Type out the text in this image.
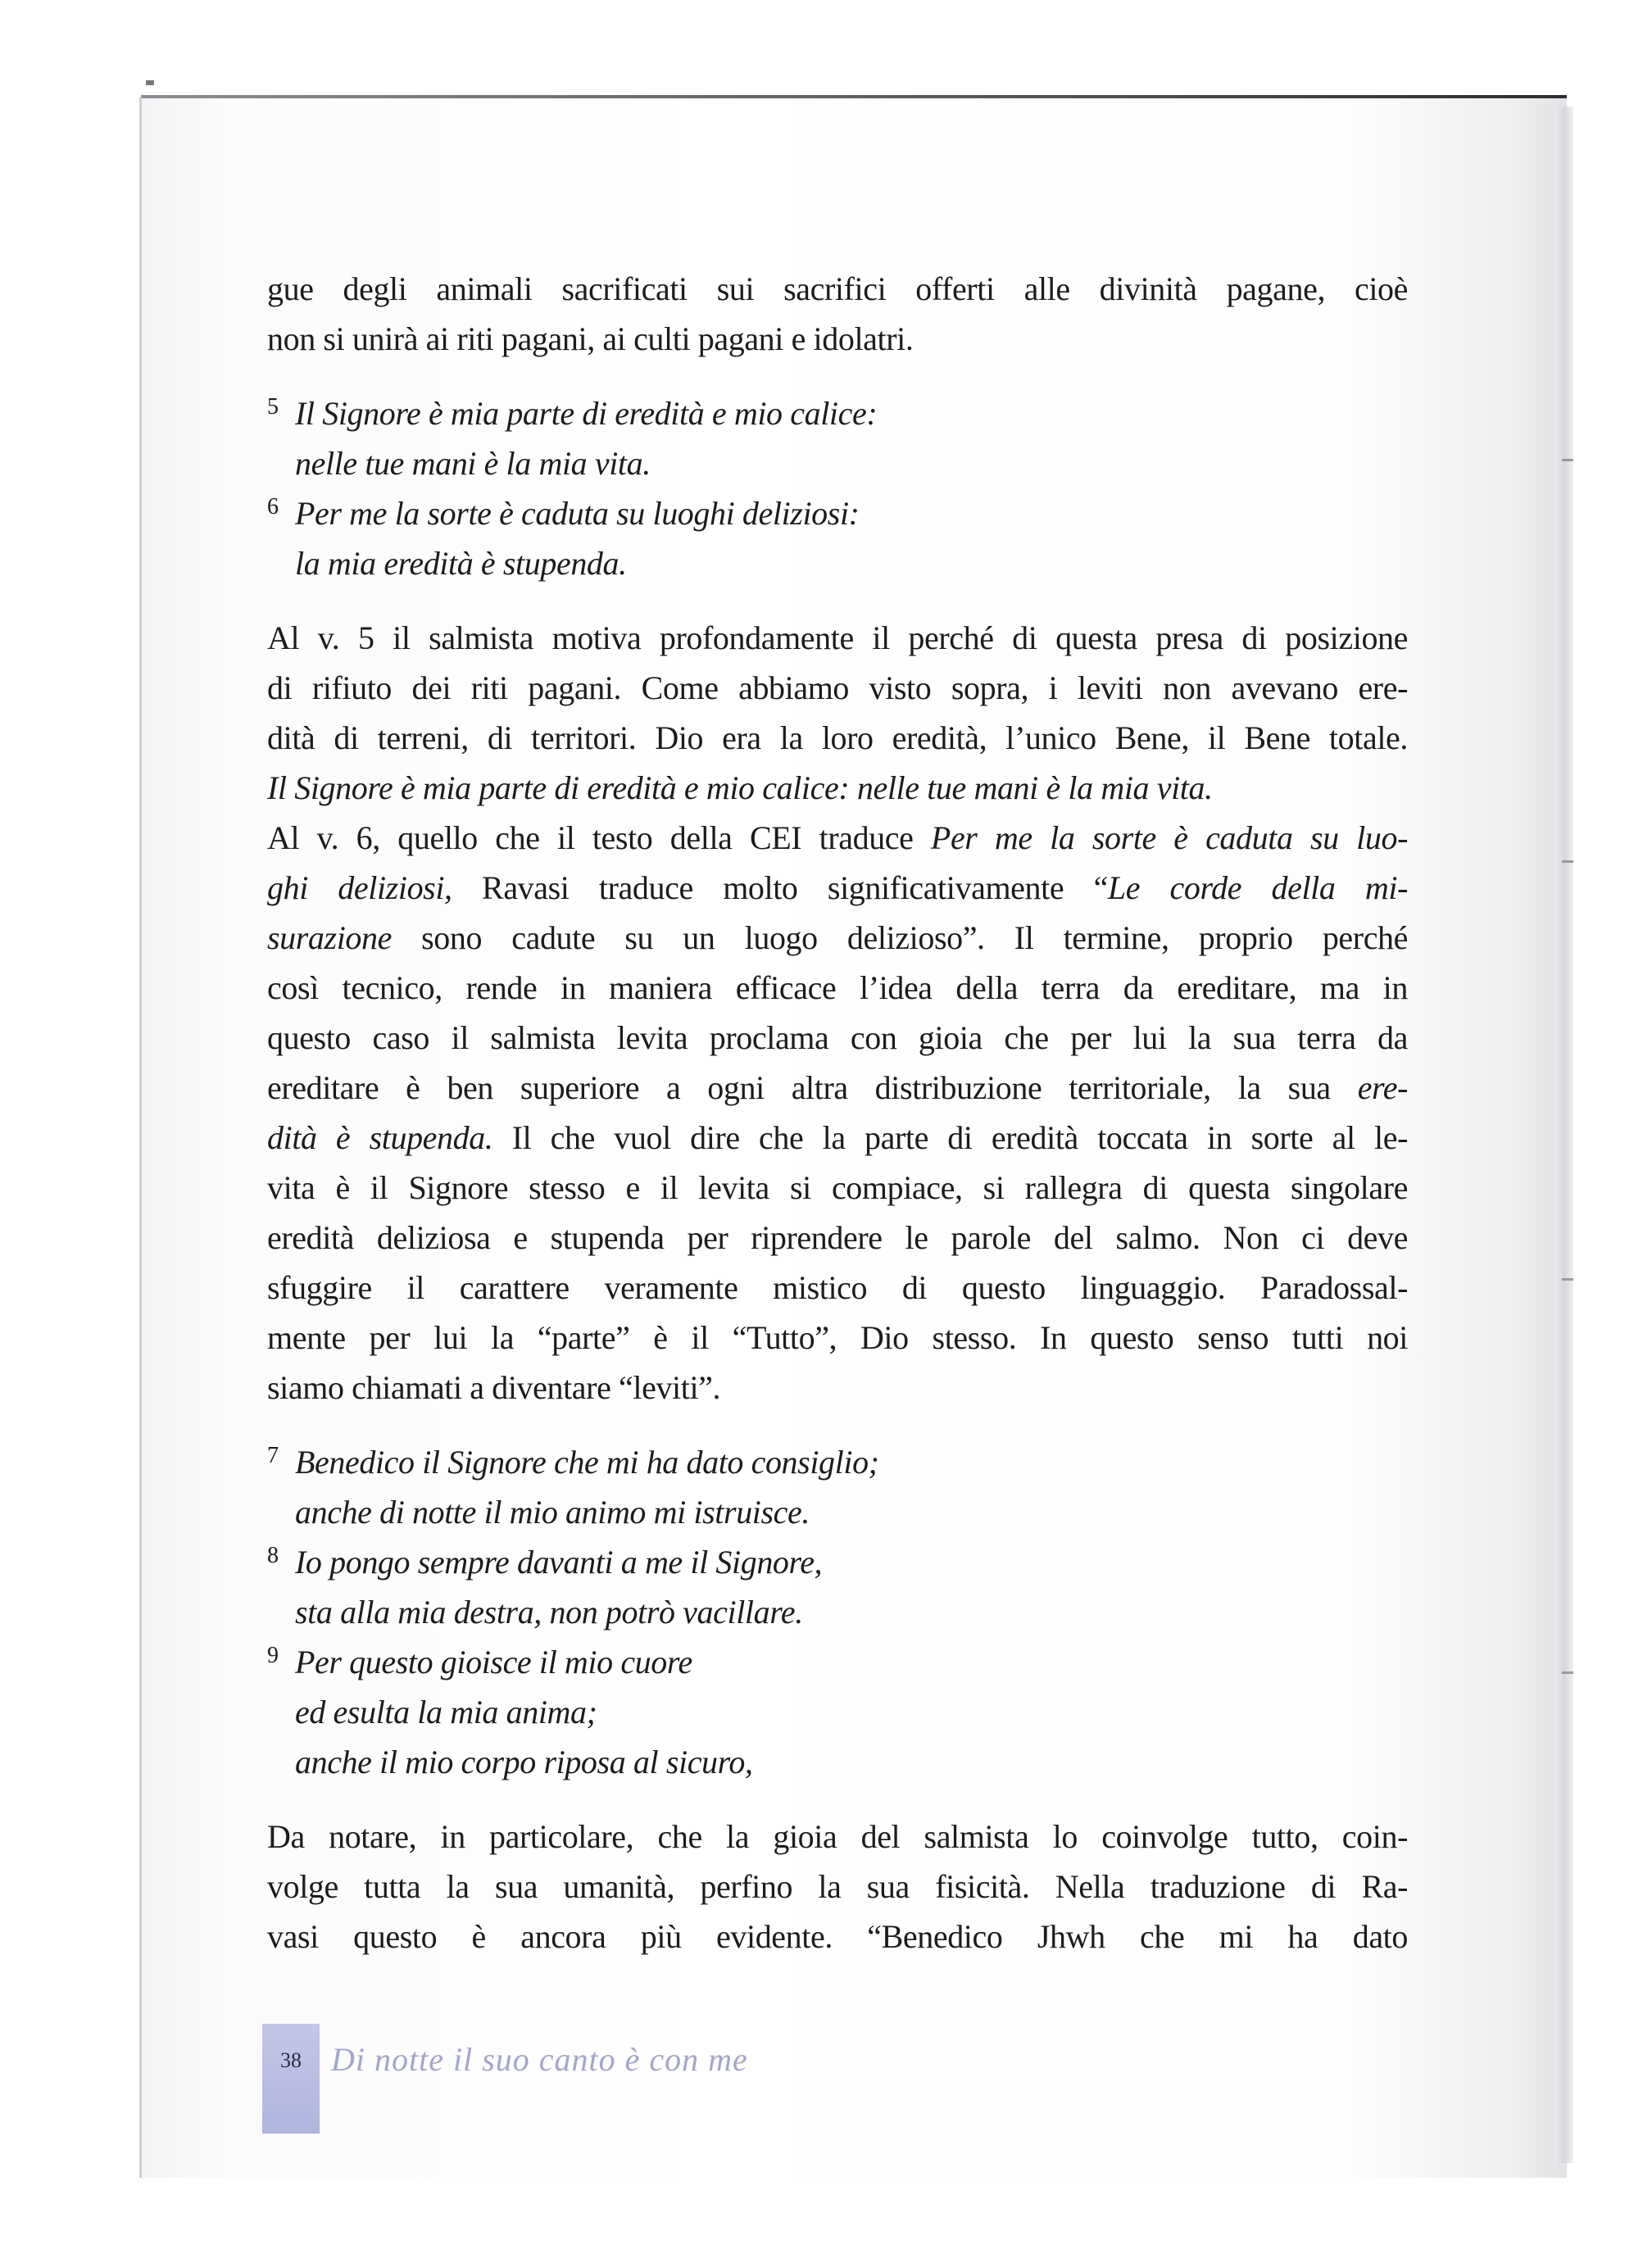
gue degli animali sacrificati sui sacrifici offerti alle divinità pagane, cioè

non si unirà ai riti pagani, ai culti pagani e idolatri.

5 Il Signore è mia parte di eredità e mio calice:
nelle tue mani è la mia vita.

6 Per me la sorte è caduta su luoghi deliziosi:
la mia eredità è stupenda.

Al v. 5 il salmista motiva profondamente il perché di questa presa di posizione

di rifiuto dei riti pagani. Come abbiamo visto sopra, i leviti non avevano ere-

dità di terreni, di territori. Dio era la loro eredità, l’unico Bene, il Bene totale.

Il Signore è mia parte di eredità e mio calice: nelle tue mani è la mia vita.

Al v. 6, quello che il testo della CEI traduce Per me la sorte è caduta su luo-

ghi deliziosi, Ravasi traduce molto significativamente “Le corde della mi-

surazione sono cadute su un luogo delizioso”. Il termine, proprio perché

così tecnico, rende in maniera efficace l’idea della terra da ereditare, ma in

questo caso il salmista levita proclama con gioia che per lui la sua terra da

ereditare è ben superiore a ogni altra distribuzione territoriale, la sua ere-

dità è stupenda. Il che vuol dire che la parte di eredità toccata in sorte al le-

vita è il Signore stesso e il levita si compiace, si rallegra di questa singolare

eredità deliziosa e stupenda per riprendere le parole del salmo. Non ci deve

sfuggire il carattere veramente mistico di questo linguaggio. Paradossal-

mente per lui la “parte” è il “Tutto”, Dio stesso. In questo senso tutti noi

siamo chiamati a diventare “leviti”.

7 Benedico il Signore che mi ha dato consiglio;
anche di notte il mio animo mi istruisce.

8 Io pongo sempre davanti a me il Signore,
sta alla mia destra, non potrò vacillare.

9 Per questo gioisce il mio cuore
ed esulta la mia anima;
anche il mio corpo riposa al sicuro,

Da notare, in particolare, che la gioia del salmista lo coinvolge tutto, coin-

volge tutta la sua umanità, perfino la sua fisicità. Nella traduzione di Ra-

vasi questo è ancora più evidente. “Benedico Jhwh che mi ha dato

38 Di notte il suo canto è con me
